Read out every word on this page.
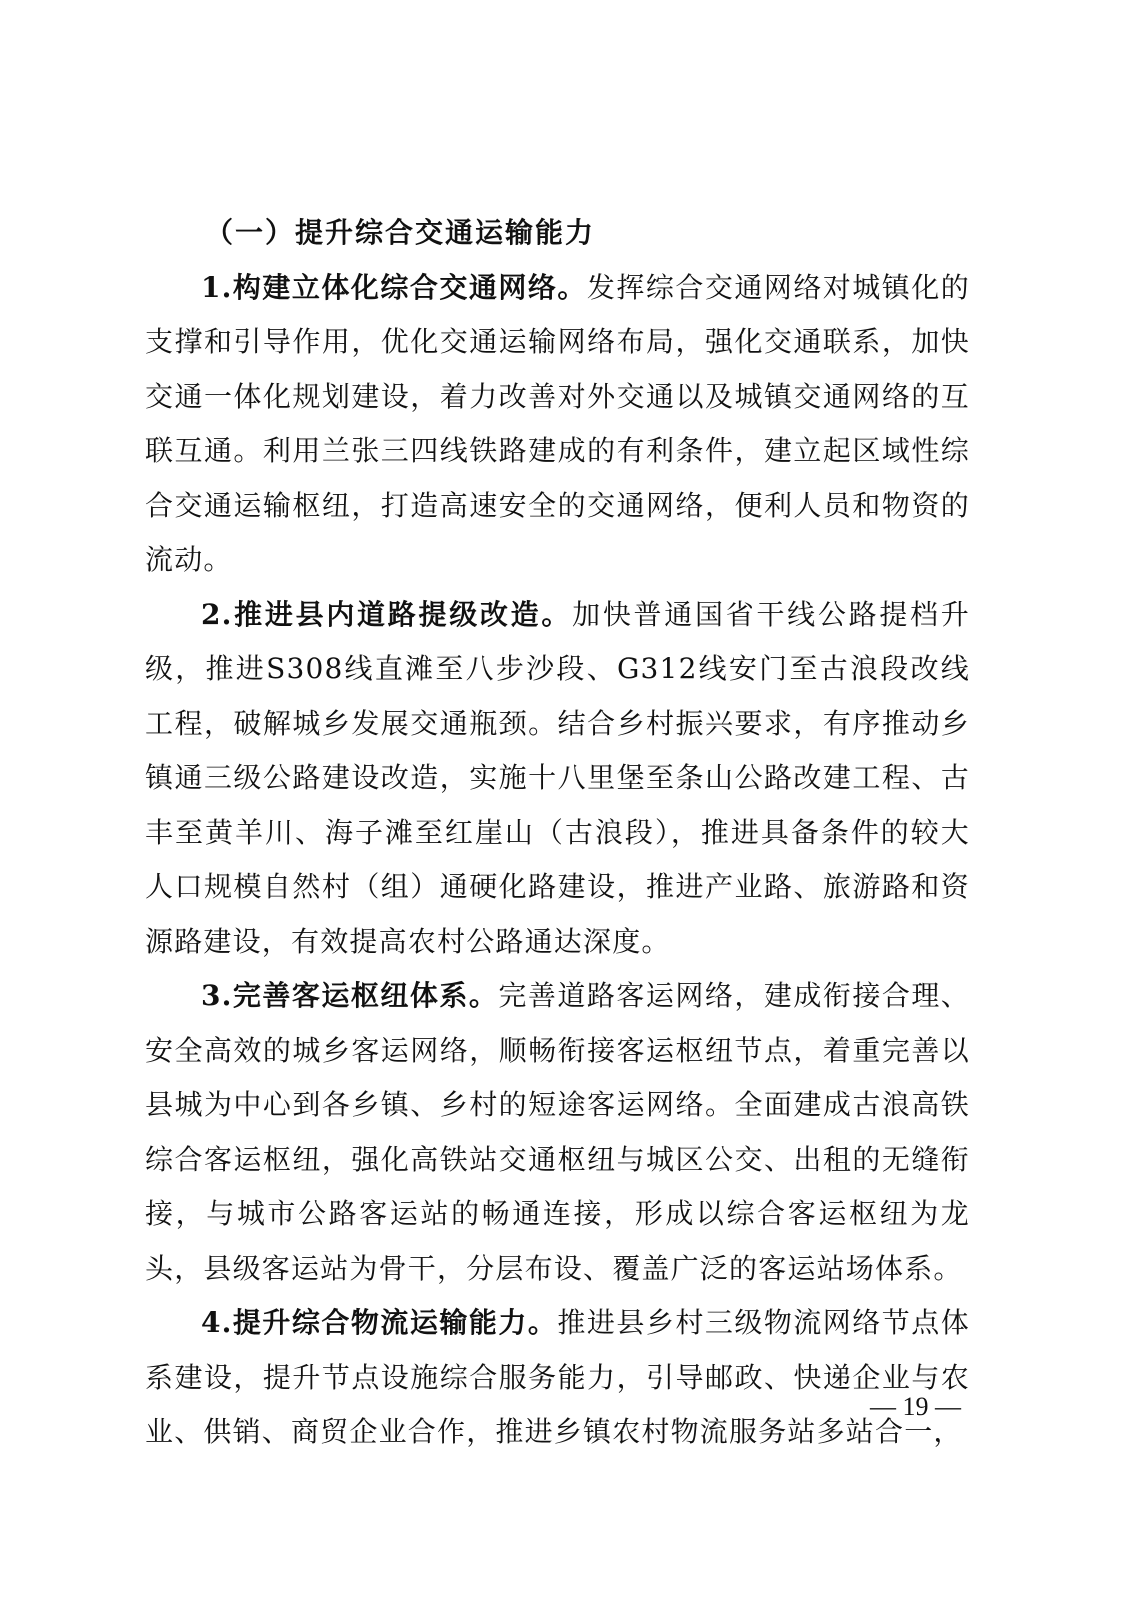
（一）提升综合交通运输能力

1.构建立体化综合交通网络。发挥综合交通网络对城镇化的支撑和引导作用，优化交通运输网络布局，强化交通联系，加快交通一体化规划建设，着力改善对外交通以及城镇交通网络的互联互通。利用兰张三四线铁路建成的有利条件，建立起区域性综合交通运输枢纽，打造高速安全的交通网络，便利人员和物资的流动。

2.推进县内道路提级改造。加快普通国省干线公路提档升级，推进S308线直滩至八步沙段、G312线安门至古浪段改线工程，破解城乡发展交通瓶颈。结合乡村振兴要求，有序推动乡镇通三级公路建设改造，实施十八里堡至条山公路改建工程、古丰至黄羊川、海子滩至红崖山（古浪段），推进具备条件的较大人口规模自然村（组）通硬化路建设，推进产业路、旅游路和资源路建设，有效提高农村公路通达深度。

3.完善客运枢纽体系。完善道路客运网络，建成衔接合理、安全高效的城乡客运网络，顺畅衔接客运枢纽节点，着重完善以县城为中心到各乡镇、乡村的短途客运网络。全面建成古浪高铁综合客运枢纽，强化高铁站交通枢纽与城区公交、出租的无缝衔接，与城市公路客运站的畅通连接，形成以综合客运枢纽为龙头，县级客运站为骨干，分层布设、覆盖广泛的客运站场体系。

4.提升综合物流运输能力。推进县乡村三级物流网络节点体系建设，提升节点设施综合服务能力，引导邮政、快递企业与农业、供销、商贸企业合作，推进乡镇农村物流服务站多站合一，

— 19 —
